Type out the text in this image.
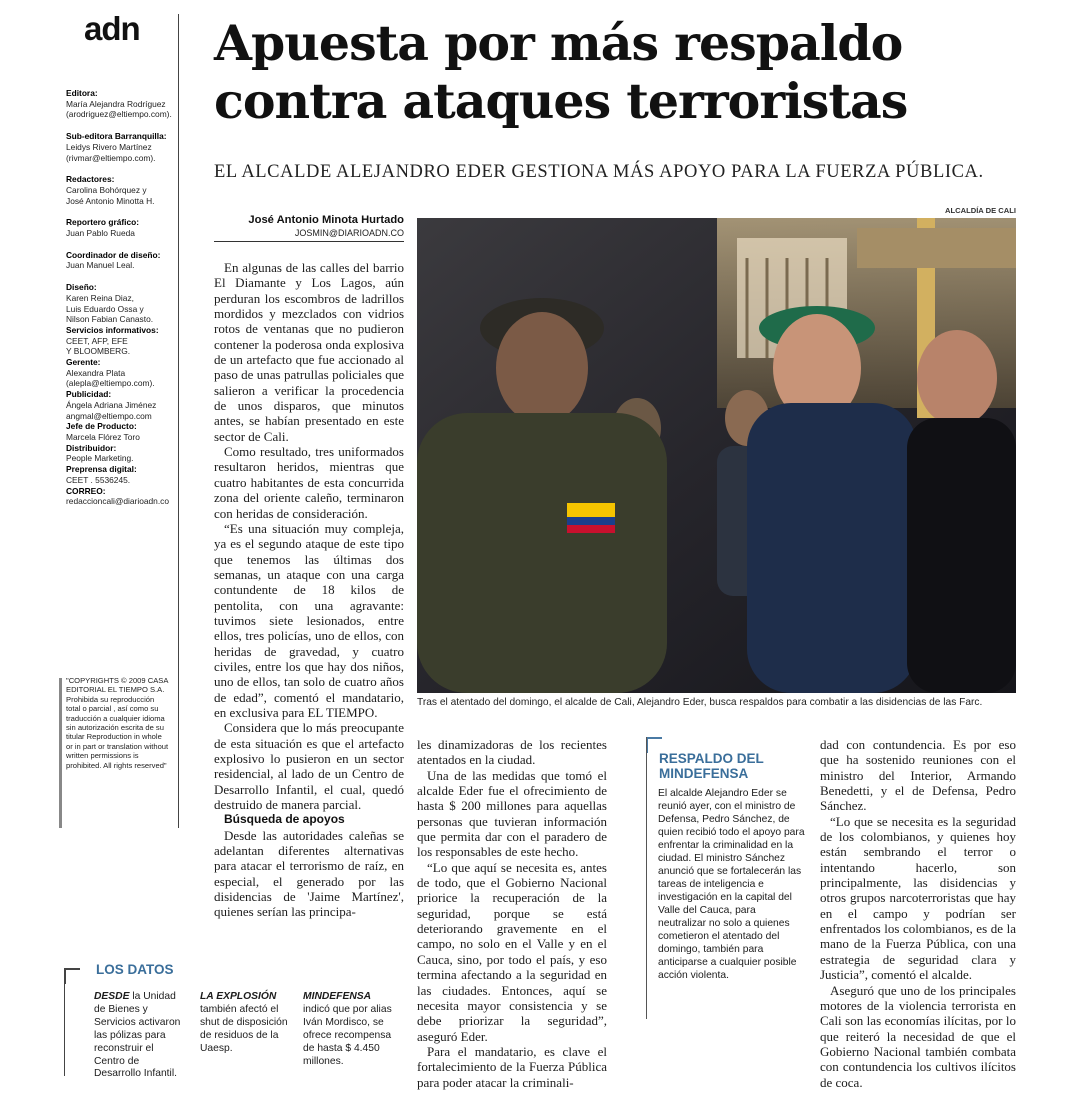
adn
Editora:
María Alejandra Rodríguez
(arodriguez@eltiempo.com).
Sub-editora Barranquilla:
Leidys Rivero Martínez
(rivmar@eltiempo.com).
Redactores:
Carolina Bohórquez y
José Antonio Minotta H.
Reportero gráfico:
Juan Pablo Rueda
Coordinador de diseño:
Juan Manuel Leal.
Diseño:
Karen Reina Diaz,
Luis Eduardo Ossa y
Nilson Fabian Canasto.
Servicios informativos:
CEET, AFP, EFE
Y BLOOMBERG.
Gerente:
Alexandra Plata
(alepla@eltiempo.com).
Publicidad:
Ángela Adriana Jiménez
angmal@eltiempo.com
Jefe de Producto:
Marcela Flórez Toro
Distribuidor:
People Marketing.
Preprensa digital:
CEET . 5536245.
CORREO:
redaccioncali@diarioadn.co
"COPYRIGHTS © 2009 CASA EDITORIAL EL TIEMPO S.A. Prohibida su reproducción total o parcial , así como su traducción a cualquier idioma sin autorización escrita de su titular Reproduction in whole or in part or translation without written permissions is prohibited. All rights reserved"
Apuesta por más respaldo
contra ataques terroristas
EL ALCALDE ALEJANDRO EDER GESTIONA MÁS APOYO PARA LA FUERZA PÚBLICA.
José Antonio Minota Hurtado
JOSMIN@DIARIOADN.CO

En algunas de las calles del barrio El Diamante y Los Lagos, aún perduran los escombros de ladrillos mordidos y mezclados con vidrios rotos de ventanas que no pudieron contener la poderosa onda explosiva de un artefacto que fue accionado al paso de unas patrullas policiales que salieron a verificar la procedencia de unos disparos, que minutos antes, se habían presentado en este sector de Cali.

Como resultado, tres uniformados resultaron heridos, mientras que cuatro habitantes de esta concurrida zona del oriente caleño, terminaron con heridas de consideración.

“Es una situación muy compleja, ya es el segundo ataque de este tipo que tenemos las últimas dos semanas, un ataque con una carga contundente de 18 kilos de pentolita, con una agravante: tuvimos siete lesionados, entre ellos, tres policías, uno de ellos, con heridas de gravedad, y cuatro civiles, entre los que hay dos niños, uno de ellos, tan solo de cuatro años de edad”, comentó el mandatario, en exclusiva para EL TIEMPO.

Considera que lo más preocupante de esta situación es que el artefacto explosivo lo pusieron en un sector residencial, al lado de un Centro de Desarrollo Infantil, el cual, quedó destruido de manera parcial.

Búsqueda de apoyos

Desde las autoridades caleñas se adelantan diferentes alternativas para atacar el terrorismo de raíz, en especial, el generado por las disidencias de 'Jaime Martínez', quienes serían las principa-

ALCALDÍA DE CALI
Tras el atentado del domingo, el alcalde de Cali, Alejandro Eder, busca respaldos para combatir a las disidencias de las Farc.

les dinamizadoras de los recientes atentados en la ciudad.

Una de las medidas que tomó el alcalde Eder fue el ofrecimiento de hasta $ 200 millones para aquellas personas que tuvieran información que permita dar con el paradero de los responsables de este hecho.

“Lo que aquí se necesita es, antes de todo, que el Gobierno Nacional priorice la recuperación de la seguridad, porque se está deteriorando gravemente en el campo, no solo en el Valle y en el Cauca, sino, por todo el país, y eso termina afectando a la seguridad en las ciudades. Entonces, aquí se necesita mayor consistencia y se debe priorizar la seguridad”, aseguró Eder.

Para el mandatario, es clave el fortalecimiento de la Fuerza Pública para poder atacar la criminali-

RESPALDO DEL MINDEFENSA
El alcalde Alejandro Eder se reunió ayer, con el ministro de Defensa, Pedro Sánchez, de quien recibió todo el apoyo para enfrentar la criminalidad en la ciudad. El ministro Sánchez anunció que se fortalecerán las tareas de inteligencia e investigación en la capital del Valle del Cauca, para neutralizar no solo a quienes cometieron el atentado del domingo, también para anticiparse a cualquier posible acción violenta.

dad con contundencia. Es por eso que ha sostenido reuniones con el ministro del Interior, Armando Benedetti, y el de Defensa, Pedro Sánchez.

“Lo que se necesita es la seguridad de los colombianos, y quienes hoy están sembrando el terror o intentando hacerlo, son principalmente, las disidencias y otros grupos narcoterroristas que hay en el campo y podrían ser enfrentados los colombianos, es de la mano de la Fuerza Pública, con una estrategia de seguridad clara y Justicia”, comentó el alcalde.

Aseguró que uno de los principales motores de la violencia terrorista en Cali son las economías ilícitas, por lo que reiteró la necesidad de que el Gobierno Nacional también combata con contundencia los cultivos ilícitos de coca.

LOS DATOS
DESDE la Unidad de Bienes y Servicios activaron las pólizas para reconstruir el Centro de Desarrollo Infantil.
LA EXPLOSIÓN también afectó el shut de disposición de residuos de la Uaesp.
MINDEFENSA indicó que por alias Iván Mordisco, se ofrece recompensa de hasta $ 4.450 millones.
